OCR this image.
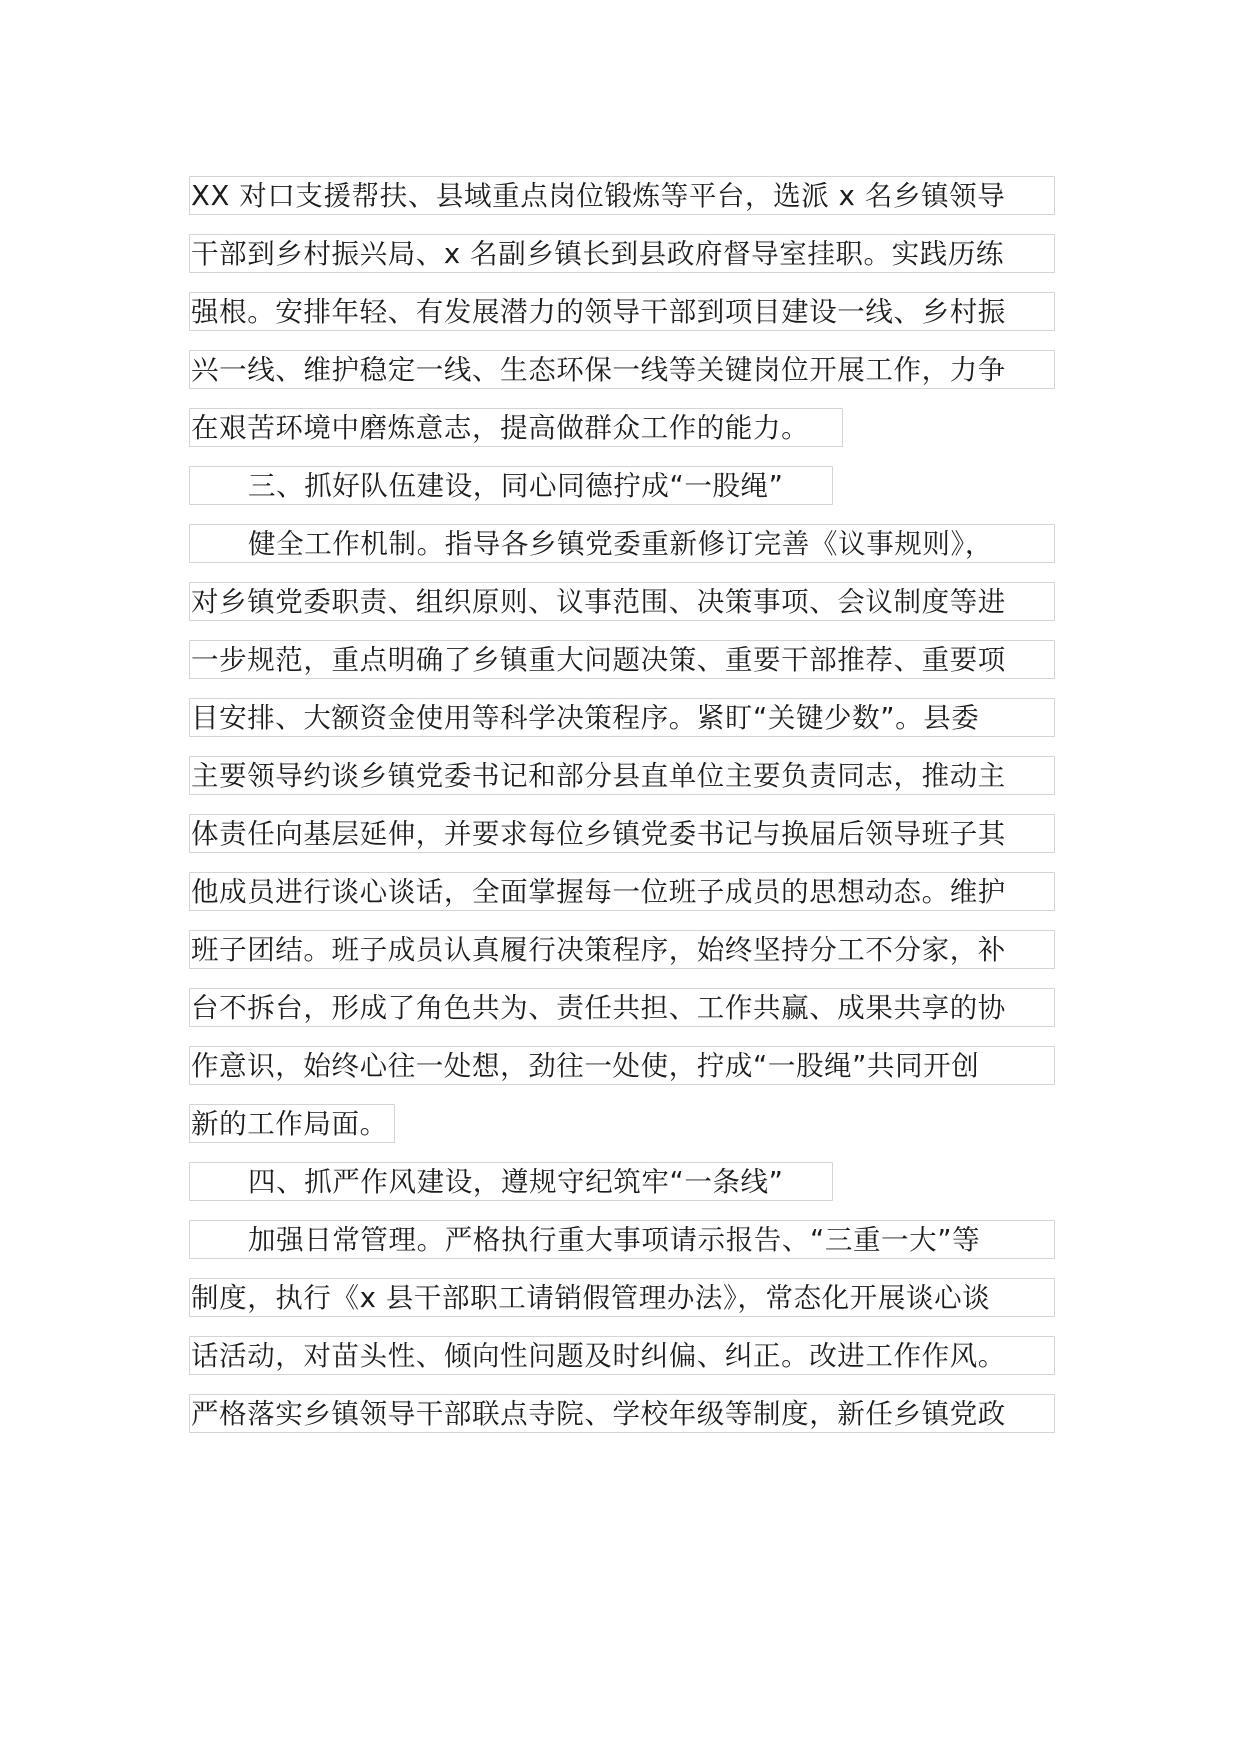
XX 对口支援帮扶、县域重点岗位锻炼等平台，选派 x 名乡镇领导
干部到乡村振兴局、x 名副乡镇长到县政府督导室挂职。实践历练
强根。安排年轻、有发展潜力的领导干部到项目建设一线、乡村振
兴一线、维护稳定一线、生态环保一线等关键岗位开展工作，力争
在艰苦环境中磨炼意志，提高做群众工作的能力。
三、抓好队伍建设，同心同德拧成“一股绳”
健全工作机制。指导各乡镇党委重新修订完善《议事规则》，
对乡镇党委职责、组织原则、议事范围、决策事项、会议制度等进
一步规范，重点明确了乡镇重大问题决策、重要干部推荐、重要项
目安排、大额资金使用等科学决策程序。紧盯“关键少数”。县委
主要领导约谈乡镇党委书记和部分县直单位主要负责同志，推动主
体责任向基层延伸，并要求每位乡镇党委书记与换届后领导班子其
他成员进行谈心谈话，全面掌握每一位班子成员的思想动态。维护
班子团结。班子成员认真履行决策程序，始终坚持分工不分家，补
台不拆台，形成了角色共为、责任共担、工作共赢、成果共享的协
作意识，始终心往一处想，劲往一处使，拧成“一股绳”共同开创
新的工作局面。
四、抓严作风建设，遵规守纪筑牢“一条线”
加强日常管理。严格执行重大事项请示报告、“三重一大”等
制度，执行《x 县干部职工请销假管理办法》，常态化开展谈心谈
话活动，对苗头性、倾向性问题及时纠偏、纠正。改进工作作风。
严格落实乡镇领导干部联点寺院、学校年级等制度，新任乡镇党政
